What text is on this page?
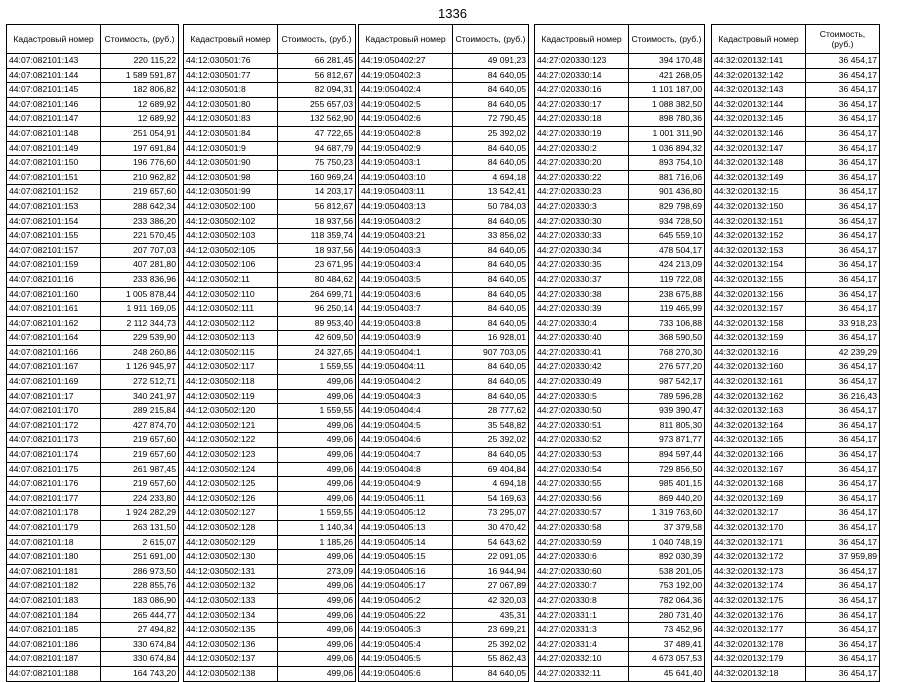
1336
Кадастровый номер	Стоимость, (руб.)
44:07:082101:143	220 115,22
44:07:082101:144	1 589 591,87
44:07:082101:145	182 806,82
44:07:082101:146	12 689,92
44:07:082101:147	12 689,92
44:07:082101:148	251 054,91
44:07:082101:149	197 691,84
44:07:082101:150	196 776,60
44:07:082101:151	210 962,82
44:07:082101:152	219 657,60
44:07:082101:153	288 642,34
44:07:082101:154	233 386,20
44:07:082101:155	221 570,45
44:07:082101:157	207 707,03
44:07:082101:159	407 281,80
44:07:082101:16	233 836,96
44:07:082101:160	1 005 878,44
44:07:082101:161	1 911 169,05
44:07:082101:162	2 112 344,73
44:07:082101:164	229 539,90
44:07:082101:166	248 260,86
44:07:082101:167	1 126 945,97
44:07:082101:169	272 512,71
44:07:082101:17	340 241,97
44:07:082101:170	289 215,84
44:07:082101:172	427 874,70
44:07:082101:173	219 657,60
44:07:082101:174	219 657,60
44:07:082101:175	261 987,45
44:07:082101:176	219 657,60
44:07:082101:177	224 233,80
44:07:082101:178	1 924 282,29
44:07:082101:179	263 131,50
44:07:082101:18	2 615,07
44:07:082101:180	251 691,00
44:07:082101:181	286 973,50
44:07:082101:182	228 855,76
44:07:082101:183	183 086,90
44:07:082101:184	265 444,77
44:07:082101:185	27 494,82
44:07:082101:186	330 674,84
44:07:082101:187	330 674,84
44:07:082101:188	164 743,20
Кадастровый номер	Стоимость, (руб.)
44:12:030501:76	66 281,45
44:12:030501:77	56 812,67
44:12:030501:8	82 094,31
44:12:030501:80	255 657,03
44:12:030501:83	132 562,90
44:12:030501:84	47 722,65
44:12:030501:9	94 687,79
44:12:030501:90	75 750,23
44:12:030501:98	160 969,24
44:12:030501:99	14 203,17
44:12:030502:100	56 812,67
44:12:030502:102	18 937,56
44:12:030502:103	118 359,74
44:12:030502:105	18 937,56
44:12:030502:106	23 671,95
44:12:030502:11	80 484,62
44:12:030502:110	264 699,71
44:12:030502:111	96 250,14
44:12:030502:112	89 953,40
44:12:030502:113	42 609,50
44:12:030502:115	24 327,65
44:12:030502:117	1 559,55
44:12:030502:118	499,06
44:12:030502:119	499,06
44:12:030502:120	1 559,55
44:12:030502:121	499,06
44:12:030502:122	499,06
44:12:030502:123	499,06
44:12:030502:124	499,06
44:12:030502:125	499,06
44:12:030502:126	499,06
44:12:030502:127	1 559,55
44:12:030502:128	1 140,34
44:12:030502:129	1 185,26
44:12:030502:130	499,06
44:12:030502:131	273,09
44:12:030502:132	499,06
44:12:030502:133	499,06
44:12:030502:134	499,06
44:12:030502:135	499,06
44:12:030502:136	499,06
44:12:030502:137	499,06
44:12:030502:138	499,06
Кадастровый номер	Стоимость, (руб.)
44:19:050402:27	49 091,23
44:19:050402:3	84 640,05
44:19:050402:4	84 640,05
44:19:050402:5	84 640,05
44:19:050402:6	72 790,45
44:19:050402:8	25 392,02
44:19:050402:9	84 640,05
44:19:050403:1	84 640,05
44:19:050403:10	4 694,18
44:19:050403:11	13 542,41
44:19:050403:13	50 784,03
44:19:050403:2	84 640,05
44:19:050403:21	33 856,02
44:19:050403:3	84 640,05
44:19:050403:4	84 640,05
44:19:050403:5	84 640,05
44:19:050403:6	84 640,05
44:19:050403:7	84 640,05
44:19:050403:8	84 640,05
44:19:050403:9	16 928,01
44:19:050404:1	907 703,05
44:19:050404:11	84 640,05
44:19:050404:2	84 640,05
44:19:050404:3	84 640,05
44:19:050404:4	28 777,62
44:19:050404:5	35 548,82
44:19:050404:6	25 392,02
44:19:050404:7	84 640,05
44:19:050404:8	69 404,84
44:19:050404:9	4 694,18
44:19:050405:11	54 169,63
44:19:050405:12	73 295,07
44:19:050405:13	30 470,42
44:19:050405:14	54 643,62
44:19:050405:15	22 091,05
44:19:050405:16	16 944,94
44:19:050405:17	27 067,89
44:19:050405:2	42 320,03
44:19:050405:22	435,31
44:19:050405:3	23 699,21
44:19:050405:4	25 392,02
44:19:050405:5	55 862,43
44:19:050405:6	84 640,05
Кадастровый номер	Стоимость, (руб.)
44:27:020330:123	394 170,48
44:27:020330:14	421 268,05
44:27:020330:16	1 101 187,00
44:27:020330:17	1 088 382,50
44:27:020330:18	898 780,36
44:27:020330:19	1 001 311,90
44:27:020330:2	1 036 894,32
44:27:020330:20	893 754,10
44:27:020330:22	881 716,06
44:27:020330:23	901 436,80
44:27:020330:3	829 798,69
44:27:020330:30	934 728,50
44:27:020330:33	645 559,10
44:27:020330:34	478 504,17
44:27:020330:35	424 213,09
44:27:020330:37	119 722,08
44:27:020330:38	238 675,88
44:27:020330:39	119 465,99
44:27:020330:4	733 106,88
44:27:020330:40	368 590,50
44:27:020330:41	768 270,30
44:27:020330:42	276 577,20
44:27:020330:49	987 542,17
44:27:020330:5	789 596,28
44:27:020330:50	939 390,47
44:27:020330:51	811 805,30
44:27:020330:52	973 871,77
44:27:020330:53	894 597,44
44:27:020330:54	729 856,50
44:27:020330:55	985 401,15
44:27:020330:56	869 440,20
44:27:020330:57	1 319 763,60
44:27:020330:58	37 379,58
44:27:020330:59	1 040 748,19
44:27:020330:6	892 030,39
44:27:020330:60	538 201,05
44:27:020330:7	753 192,00
44:27:020330:8	782 064,36
44:27:020331:1	280 731,40
44:27:020331:3	73 452,96
44:27:020331:4	37 489,41
44:27:020332:10	4 673 057,53
44:27:020332:11	45 641,40
Кадастровый номер	Стоимость, (руб.)
44:32:020132:141	36 454,17
44:32:020132:142	36 454,17
44:32:020132:143	36 454,17
44:32:020132:144	36 454,17
44:32:020132:145	36 454,17
44:32:020132:146	36 454,17
44:32:020132:147	36 454,17
44:32:020132:148	36 454,17
44:32:020132:149	36 454,17
44:32:020132:15	36 454,17
44:32:020132:150	36 454,17
44:32:020132:151	36 454,17
44:32:020132:152	36 454,17
44:32:020132:153	36 454,17
44:32:020132:154	36 454,17
44:32:020132:155	36 454,17
44:32:020132:156	36 454,17
44:32:020132:157	36 454,17
44:32:020132:158	33 918,23
44:32:020132:159	36 454,17
44:32:020132:16	42 239,29
44:32:020132:160	36 454,17
44:32:020132:161	36 454,17
44:32:020132:162	36 216,43
44:32:020132:163	36 454,17
44:32:020132:164	36 454,17
44:32:020132:165	36 454,17
44:32:020132:166	36 454,17
44:32:020132:167	36 454,17
44:32:020132:168	36 454,17
44:32:020132:169	36 454,17
44:32:020132:17	36 454,17
44:32:020132:170	36 454,17
44:32:020132:171	36 454,17
44:32:020132:172	37 959,89
44:32:020132:173	36 454,17
44:32:020132:174	36 454,17
44:32:020132:175	36 454,17
44:32:020132:176	36 454,17
44:32:020132:177	36 454,17
44:32:020132:178	36 454,17
44:32:020132:179	36 454,17
44:32:020132:18	36 454,17
